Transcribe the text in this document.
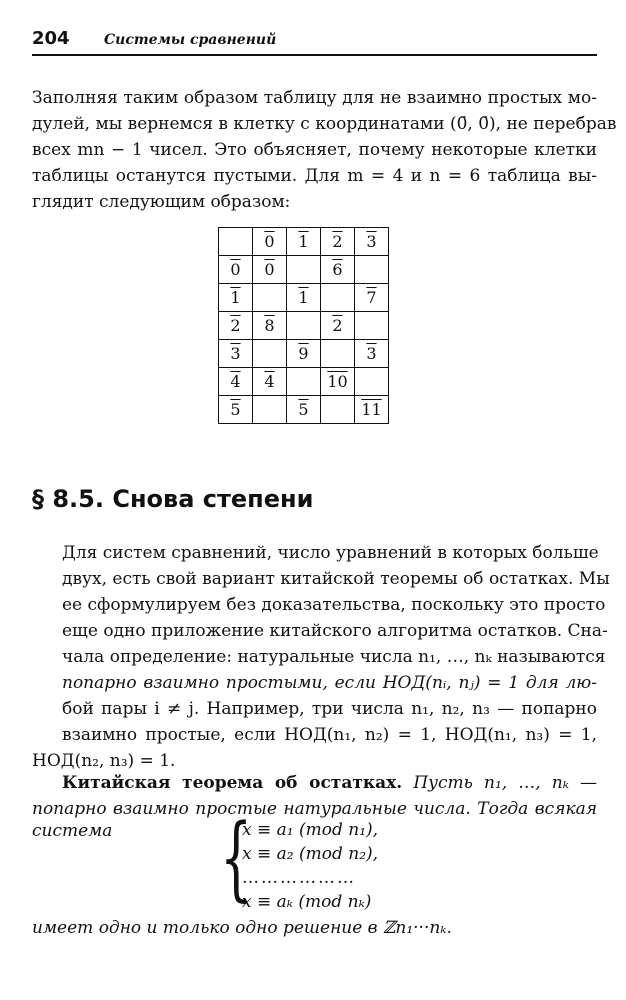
204 Системы сравнений

Заполняя таким образом таблицу для не взаимно простых мо-
дулей, мы вернемся в клетку с координатами (0̄, 0̄), не перебрав
всех mn − 1 чисел. Это объясняет, почему некоторые клетки
таблицы останутся пустыми. Для m = 4 и n = 6 таблица вы-
глядит следующим образом:

	0	1	2	3
0	0		6	
1		1		7
2	8		2	
3		9		3
4	4		10	
5		5		11
§ 8.5. Снова степени

Для систем сравнений, число уравнений в которых больше
двух, есть свой вариант китайской теоремы об остатках. Мы
ее сформулируем без доказательства, поскольку это просто
еще одно приложение китайского алгоритма остатков. Сна-
чала определение: натуральные числа n₁, …, nₖ называются
попарно взаимно простыми, если НОД(nᵢ, nⱼ) = 1 для лю-
бой пары i ≠ j. Например, три числа n₁, n₂, n₃ — попарно
взаимно простые, если НОД(n₁, n₂) = 1, НОД(n₁, n₃) = 1,

НОД(n₂, n₃) = 1.

Китайская теорема об остатках. Пусть n₁, …, nₖ —

попарно взаимно простые натуральные числа. Тогда всякая

система	{
x ≡ a₁ (mod n₁),
x ≡ a₂ (mod n₂),
………………
x ≡ aₖ (mod nₖ)

имеет одно и только одно решение в ℤn₁···nₖ.
